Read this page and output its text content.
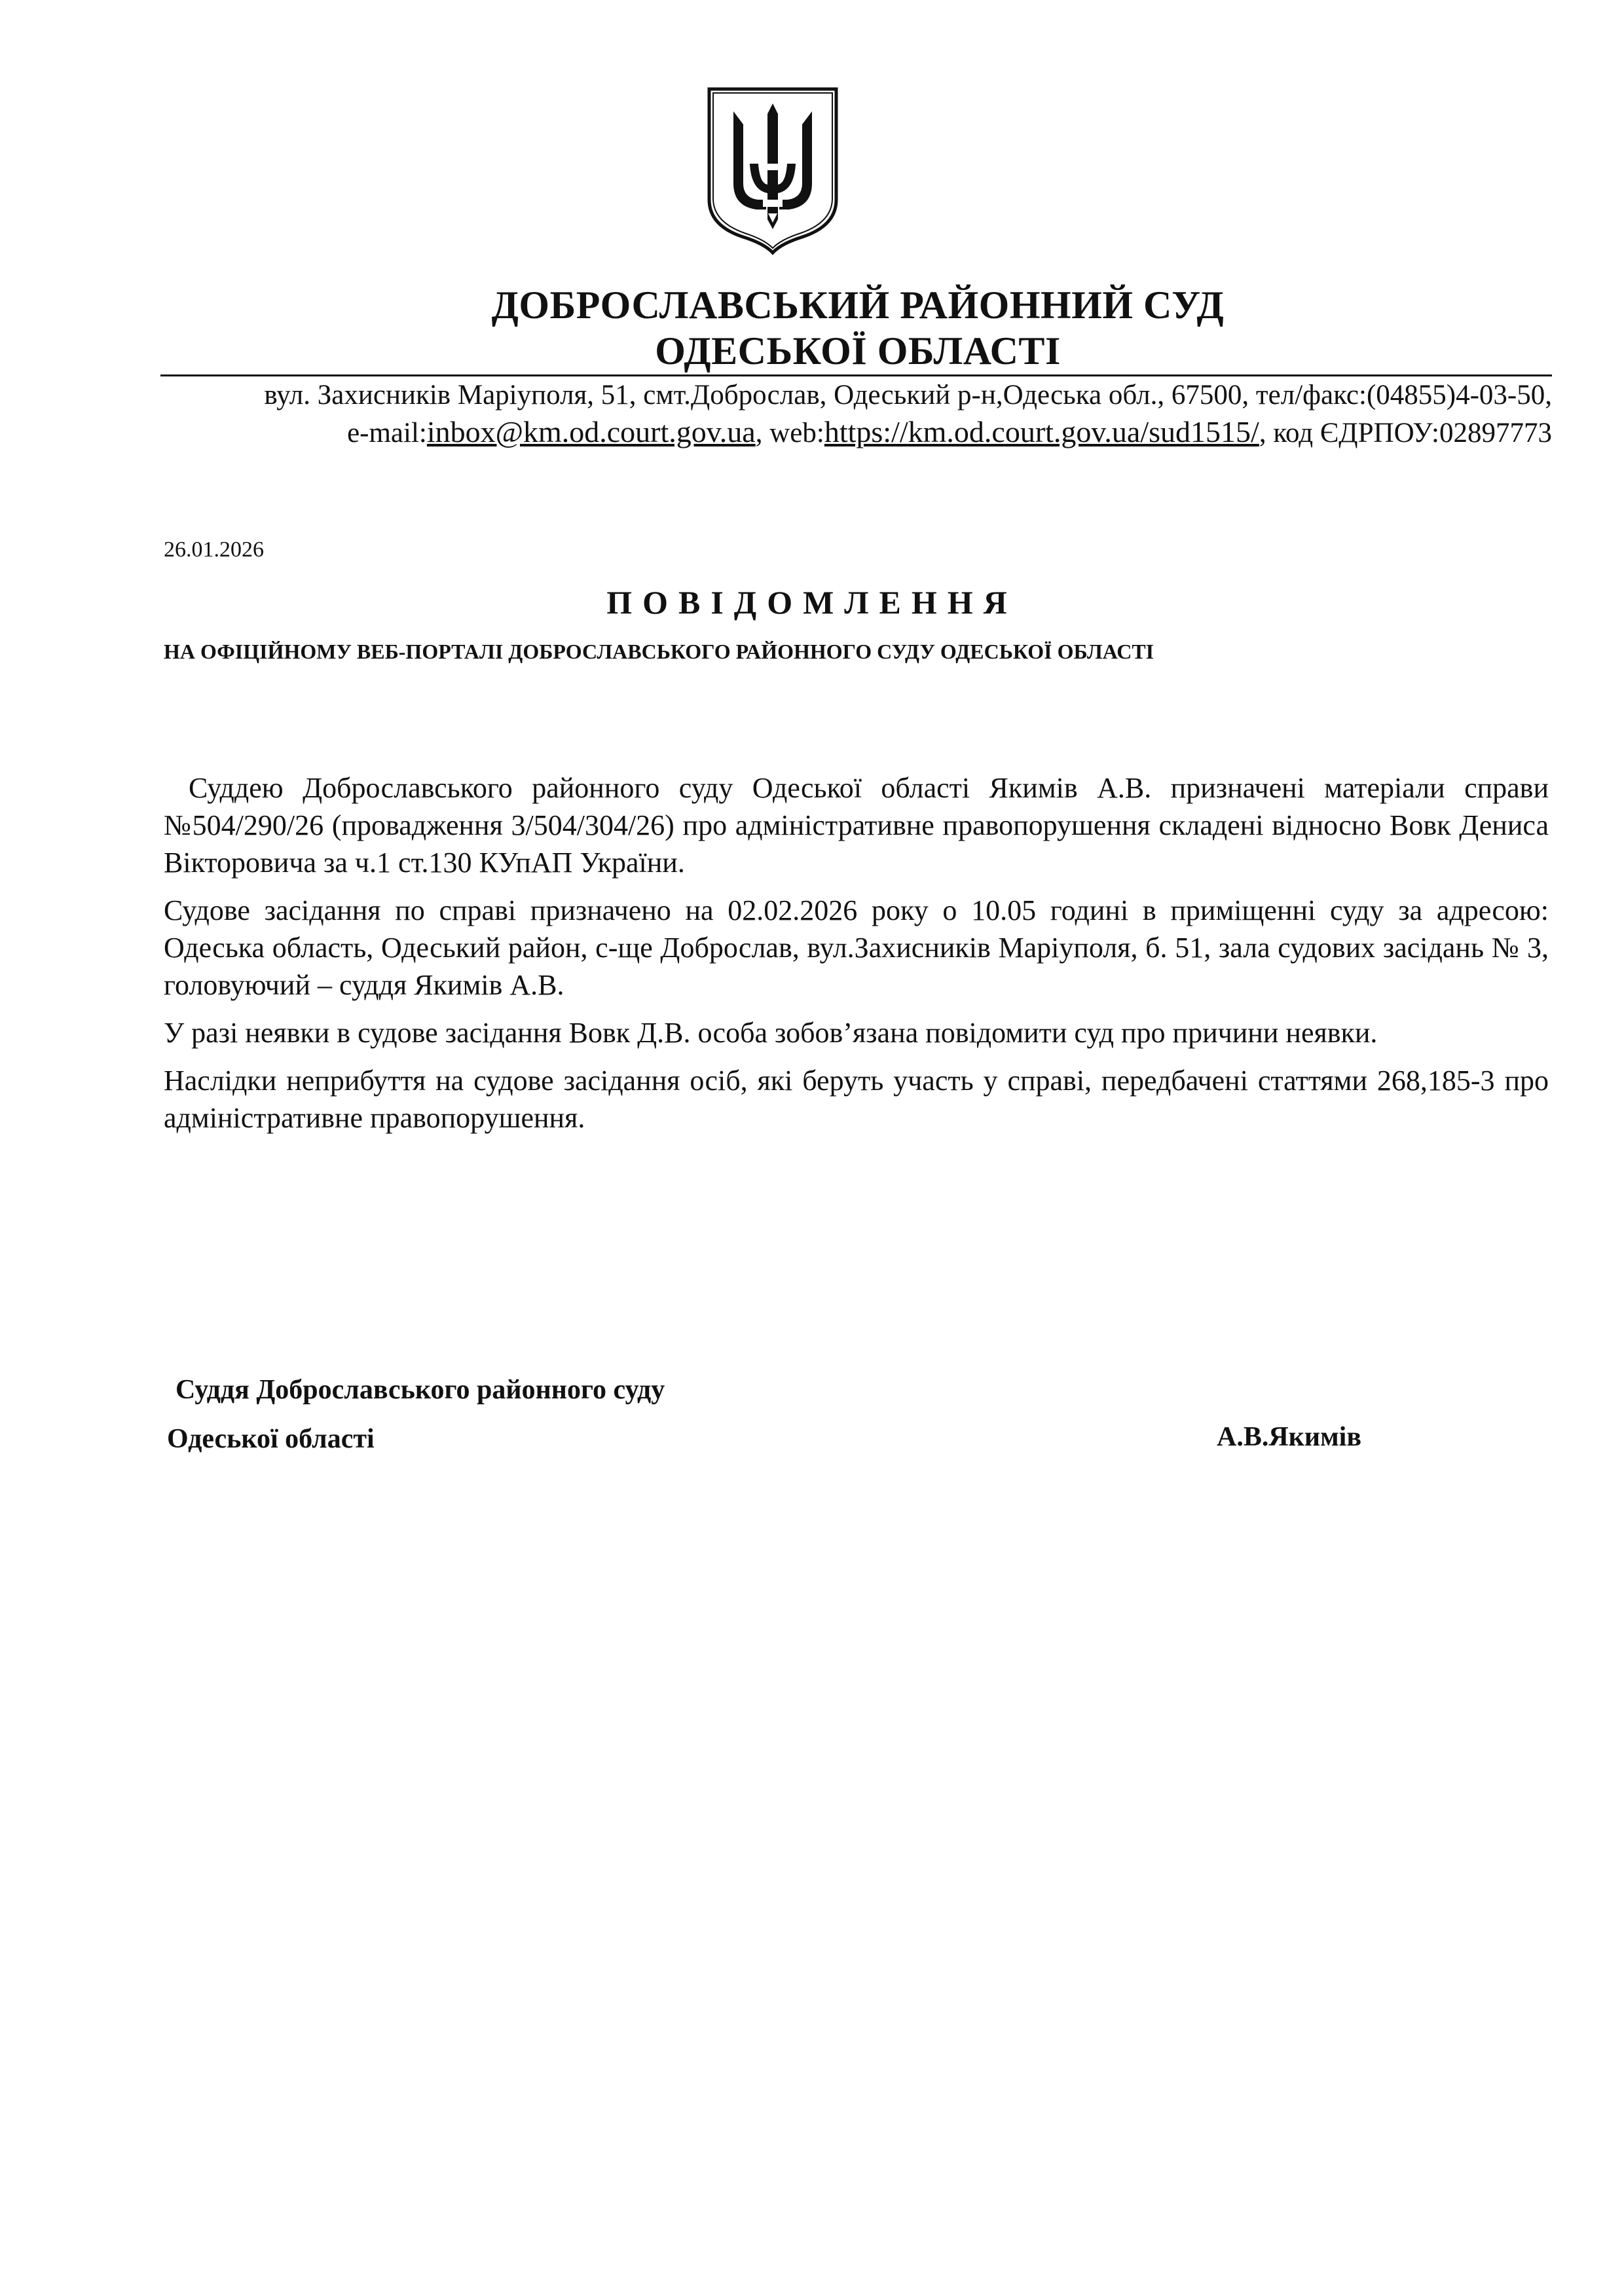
ДОБРОСЛАВСЬКИЙ РАЙОННИЙ СУД
ОДЕСЬКОЇ ОБЛАСТІ
вул. Захисників Маріуполя, 51, смт.Доброслав, Одеський р-н,Одеська обл., 67500, тел/факс:(04855)4-03-50,
e-mail:inbox@km.od.court.gov.ua, web:https://km.od.court.gov.ua/sud1515/, код ЄДРПОУ:02897773
26.01.2026
ПОВІДОМЛЕННЯ
НА ОФІЦІЙНОМУ ВЕБ-ПОРТАЛІ ДОБРОСЛАВСЬКОГО РАЙОННОГО СУДУ ОДЕСЬКОЇ ОБЛАСТІ

Суддею Доброславського районного суду Одеської області Якимів А.В. призначені матеріали справи №504/290/26 (провадження 3/504/304/26) про адміністративне правопорушення складені відносно Вовк Дениса Вікторовича за ч.1 ст.130 КУпАП України.

Судове засідання по справі призначено на 02.02.2026 року о 10.05 годині в приміщенні суду за адресою: Одеська область, Одеський район, с-ще Доброслав, вул.Захисників Маріуполя, б. 51, зала судових засідань № 3, головуючий – суддя Якимів А.В.

У разі неявки в судове засідання Вовк Д.В. особа зобов’язана повідомити суд про причини неявки.

Наслідки неприбуття на судове засідання осіб, які беруть участь у справі, передбачені статтями 268,185-3 про адміністративне правопорушення.

Суддя Доброславського районного суду
Одеської області	А.В.Якимів
